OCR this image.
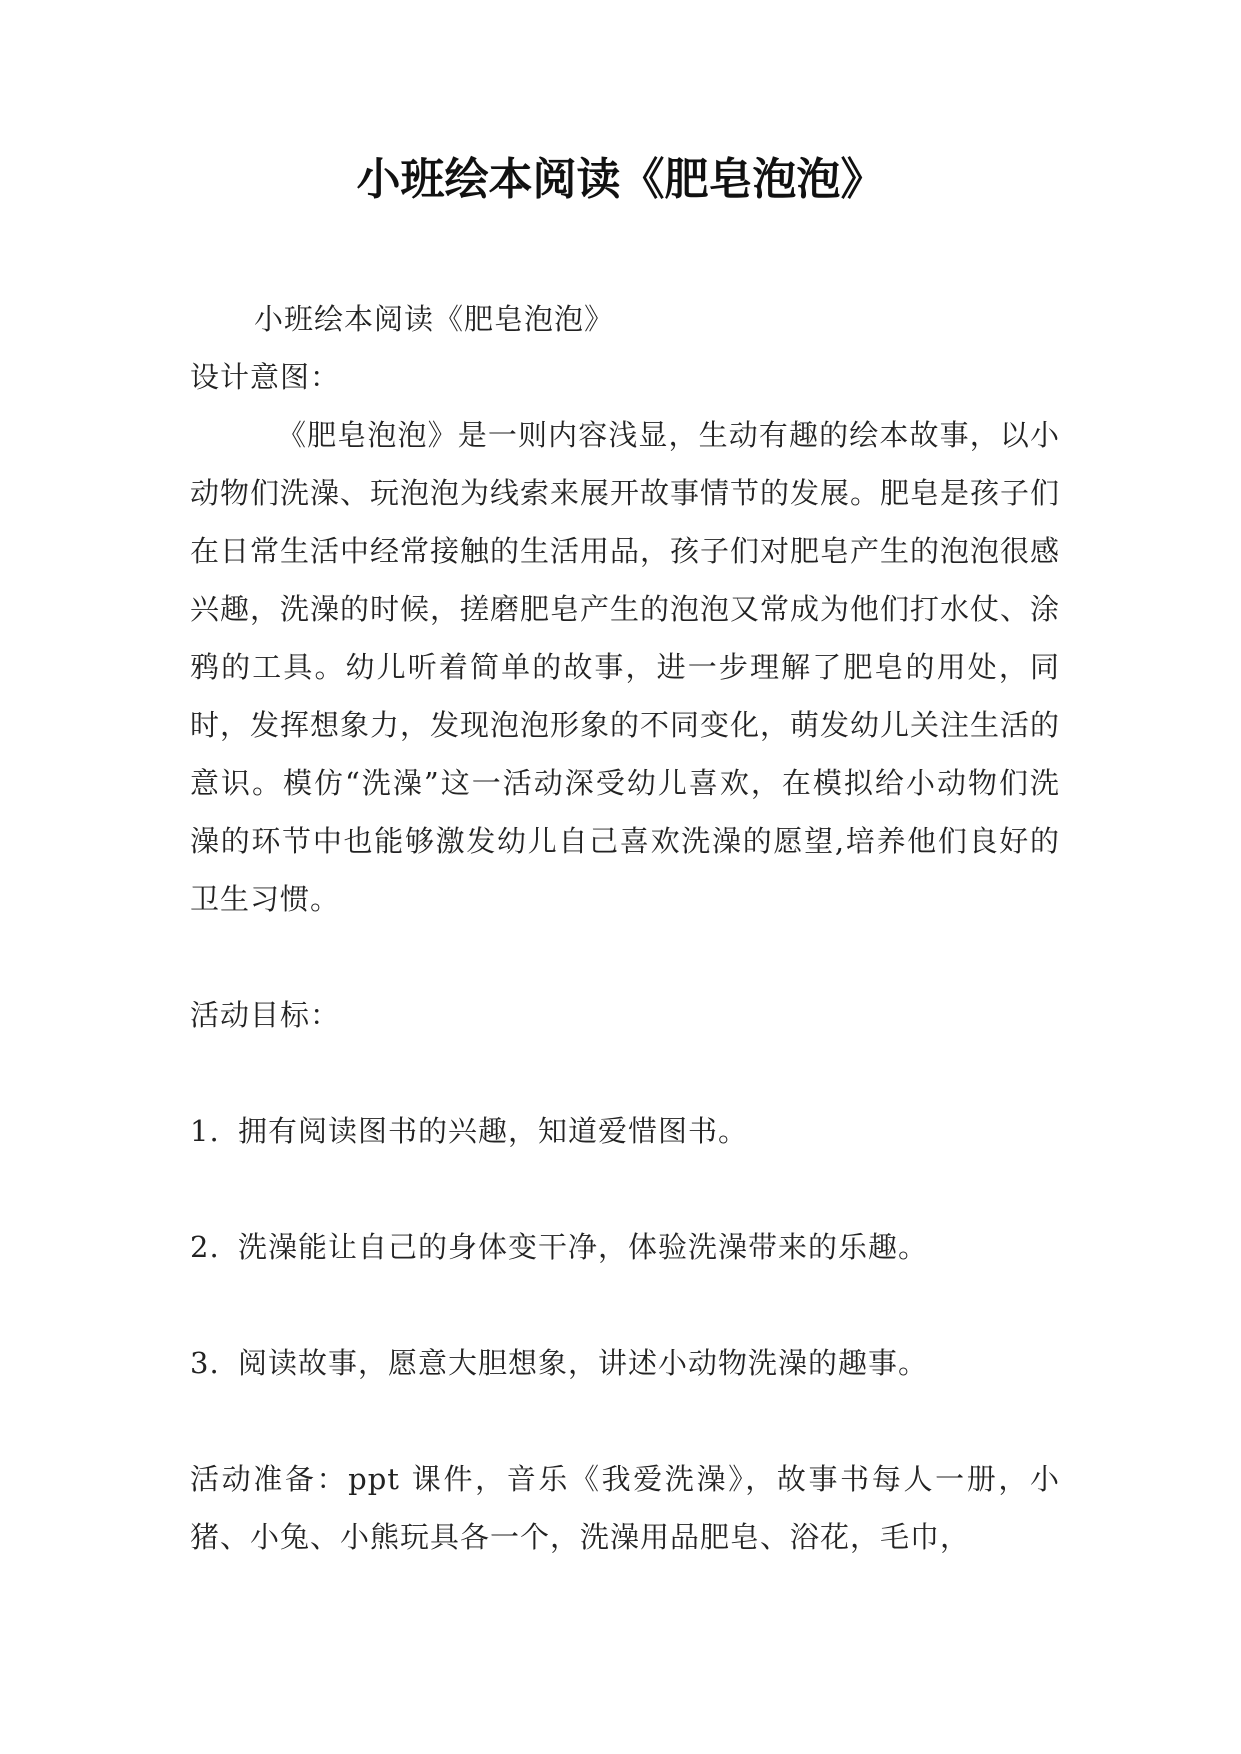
小班绘本阅读《肥皂泡泡》

小班绘本阅读《肥皂泡泡》

设计意图：

《肥皂泡泡》是一则内容浅显，生动有趣的绘本故事，以小动物们洗澡、玩泡泡为线索来展开故事情节的发展。肥皂是孩子们在日常生活中经常接触的生活用品，孩子们对肥皂产生的泡泡很感兴趣，洗澡的时候，搓磨肥皂产生的泡泡又常成为他们打水仗、涂鸦的工具。幼儿听着简单的故事，进一步理解了肥皂的用处，同时，发挥想象力，发现泡泡形象的不同变化，萌发幼儿关注生活的意识。模仿“洗澡”这一活动深受幼儿喜欢，在模拟给小动物们洗澡的环节中也能够激发幼儿自己喜欢洗澡的愿望,培养他们良好的卫生习惯。

活动目标：

1. 拥有阅读图书的兴趣，知道爱惜图书。

2. 洗澡能让自己的身体变干净，体验洗澡带来的乐趣。

3. 阅读故事，愿意大胆想象，讲述小动物洗澡的趣事。

活动准备：ppt 课件，音乐《我爱洗澡》，故事书每人一册，小猪、小兔、小熊玩具各一个，洗澡用品肥皂、浴花，毛巾，
